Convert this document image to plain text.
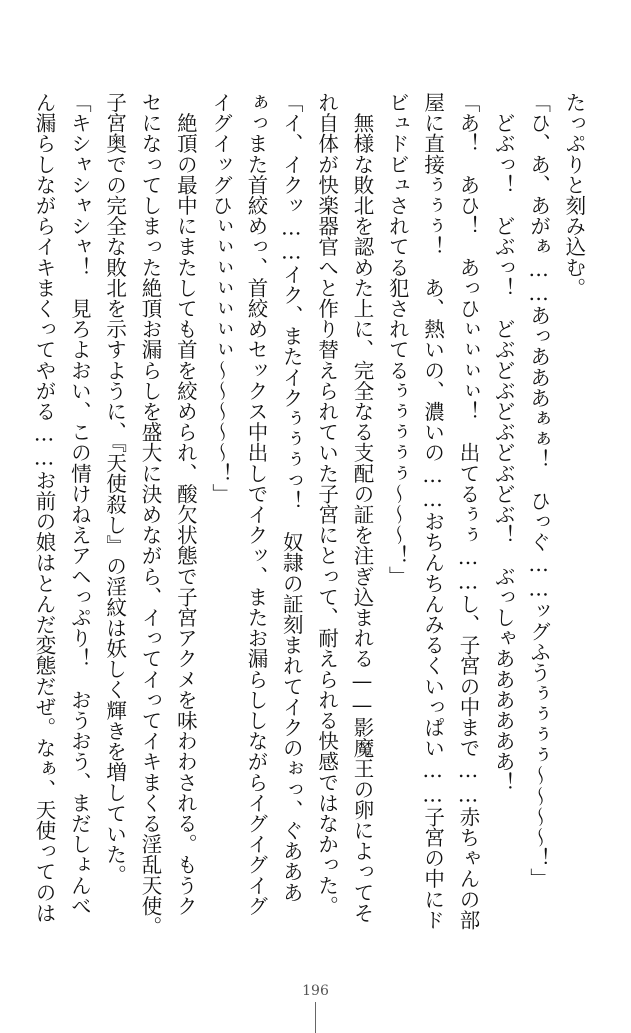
たっぷりと刻み込む。
「ひ、あ、あがぁ……あっあああぁぁ！　ひっぐ……ッグふうぅぅぅぅ〜〜〜〜！」
　どぶっ！　どぶっ！　どぶどぶどぶどぶどぶ！　ぶっしゃああああああ！
「あ！　あひ！　あっひぃぃぃぃ！　出てるぅぅ……し、子宮の中まで……赤ちゃんの部
屋に直接ぅぅぅ！　あ、熱いの、濃いの……おちんちんみるくいっぱい……子宮の中にド
ビュドビュされてる犯されてるぅぅぅぅぅ〜〜〜！」
　無様な敗北を認めた上に、完全なる支配の証を注ぎ込まれる——影魔王の卵によってそ
れ自体が快楽器官へと作り替えられていた子宮にとって、耐えられる快感ではなかった。
「イ、イクッ……イク、またイクぅぅぅっ！　奴隷の証刻まれてイクのぉっ、ぐあああ
ぁっまた首絞めっ、首絞めセックス中出しでイクッ、またお漏らししながらイグイグイグ
イグイッグひぃぃぃぃぃぃぃ〜〜〜〜〜！」
　絶頂の最中にまたしても首を絞められ、酸欠状態で子宮アクメを味わわされる。もうク
セになってしまった絶頂お漏らしを盛大に決めながら、イってイってイキまくる淫乱天使。
子宮奥での完全な敗北を示すように、『天使殺し』の淫紋は妖しく輝きを増していた。
「キシャシャシャ！　見ろよおい、この情けねえアヘっぷり！　おうおう、まだしょんべ
ん漏らしながらイキまくってやがる……お前の娘はとんだ変態だぜ。なぁ、天使ってのは
196
